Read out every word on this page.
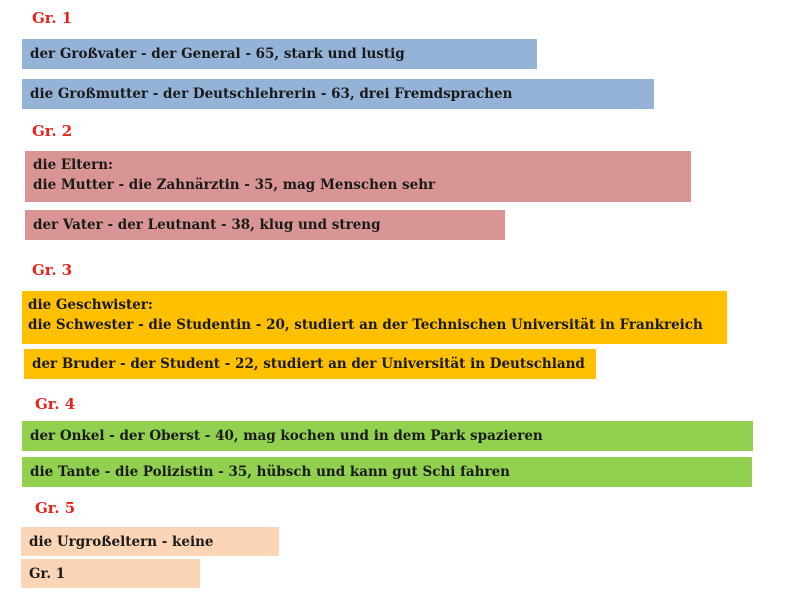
Gr. 1
der Großvater - der General - 65, stark und lustig
die Großmutter - der Deutschlehrerin - 63, drei Fremdsprachen
Gr. 2
die Eltern:
die Mutter - die Zahnärztin - 35, mag Menschen sehr
der Vater - der Leutnant - 38, klug und streng
Gr. 3
die Geschwister:
die Schwester - die Studentin - 20, studiert an der Technischen Universität in Frankreich
der Bruder - der Student - 22, studiert an der Universität in Deutschland
Gr. 4
der Onkel - der Oberst - 40, mag kochen und in dem Park spazieren
die Tante - die Polizistin - 35, hübsch und kann gut Schi fahren
Gr. 5
die Urgroßeltern - keine
Gr. 1
